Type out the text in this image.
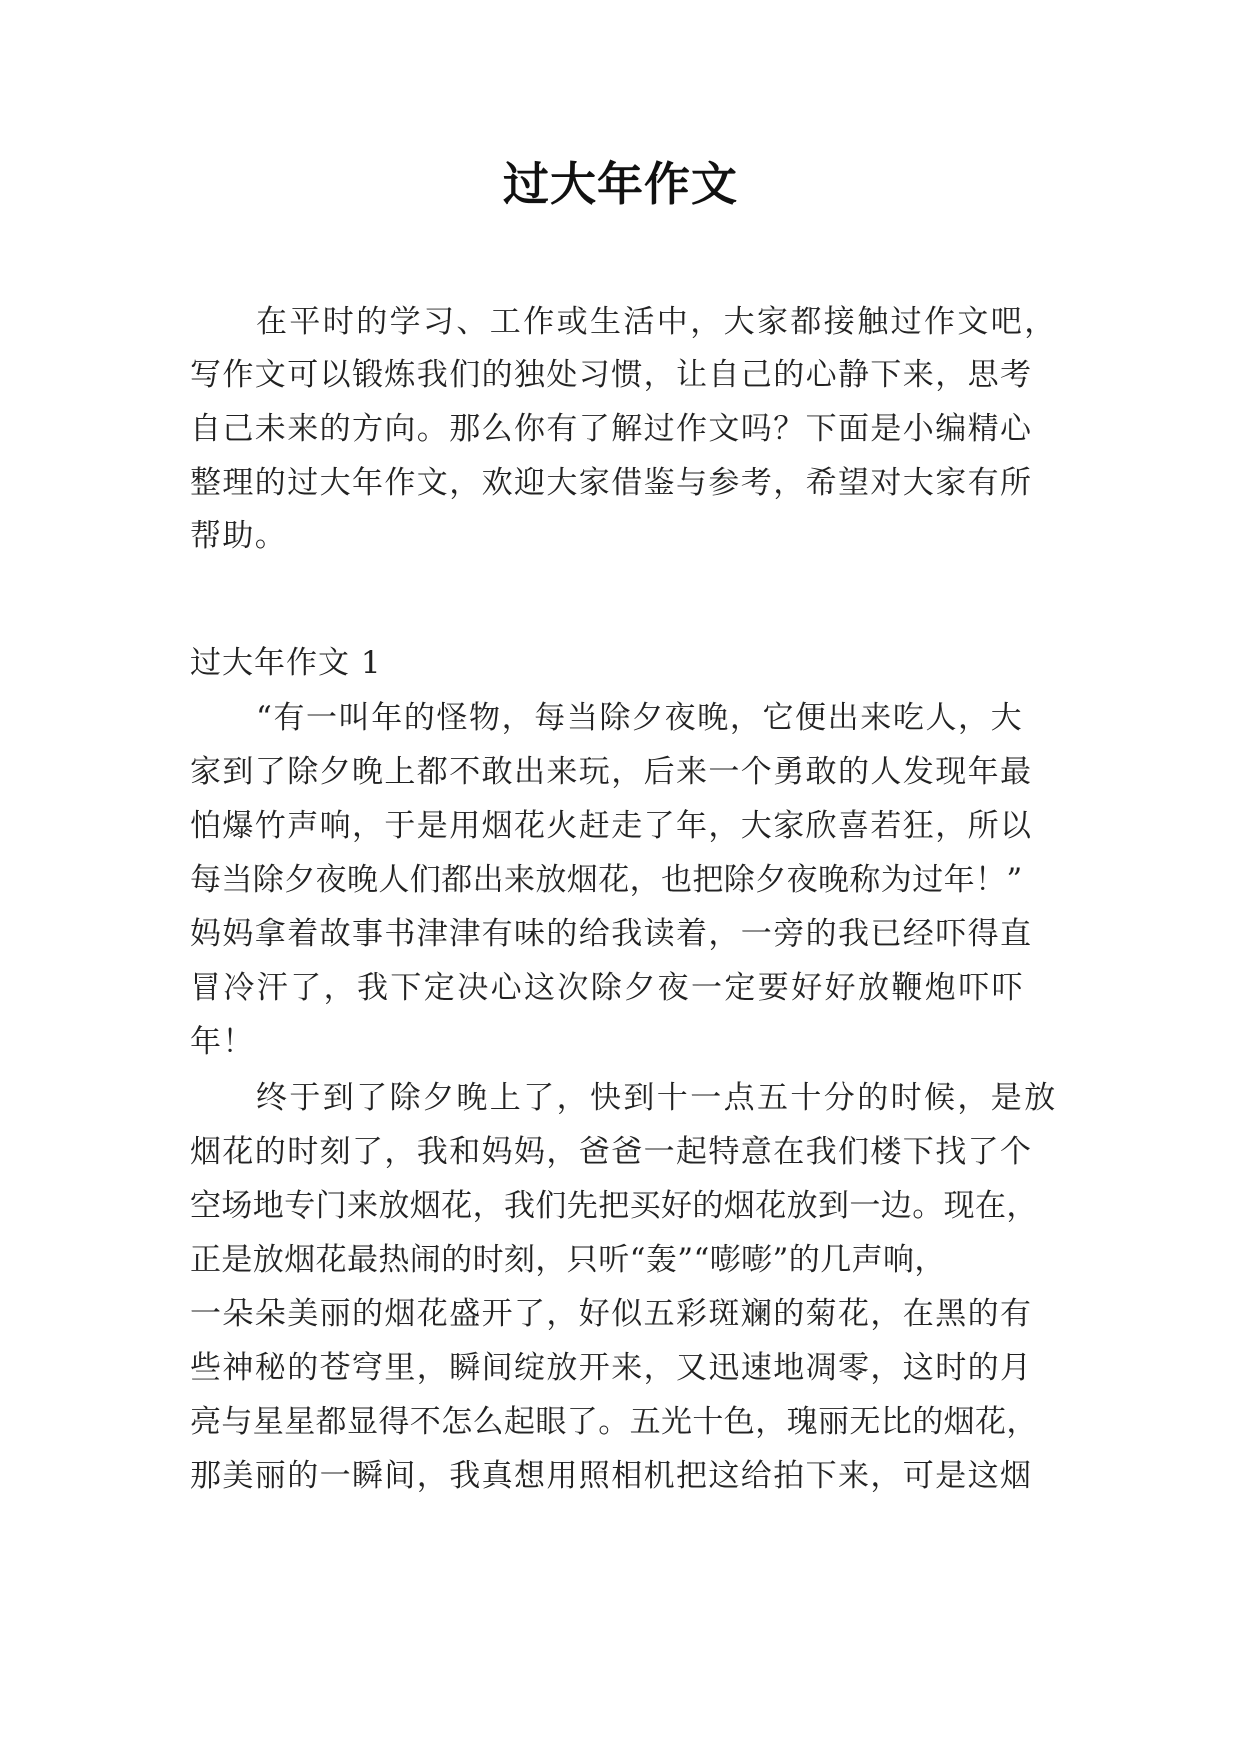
过大年作文
在平时的学习、工作或生活中，大家都接触过作文吧，
写作文可以锻炼我们的独处习惯，让自己的心静下来，思考
自己未来的方向。那么你有了解过作文吗？下面是小编精心
整理的过大年作文，欢迎大家借鉴与参考，希望对大家有所
帮助。
过大年作文 1
“有一叫年的怪物，每当除夕夜晚，它便出来吃人，大
家到了除夕晚上都不敢出来玩，后来一个勇敢的人发现年最
怕爆竹声响，于是用烟花火赶走了年，大家欣喜若狂，所以
每当除夕夜晚人们都出来放烟花，也把除夕夜晚称为过年！”
妈妈拿着故事书津津有味的给我读着，一旁的我已经吓得直
冒冷汗了，我下定决心这次除夕夜一定要好好放鞭炮吓吓
年！
终于到了除夕晚上了，快到十一点五十分的时候，是放
烟花的时刻了，我和妈妈，爸爸一起特意在我们楼下找了个
空场地专门来放烟花，我们先把买好的烟花放到一边。现在，
正是放烟花最热闹的时刻，只听“轰”“嘭嘭”的几声响，
一朵朵美丽的烟花盛开了，好似五彩斑斓的菊花，在黑的有
些神秘的苍穹里，瞬间绽放开来，又迅速地凋零，这时的月
亮与星星都显得不怎么起眼了。五光十色，瑰丽无比的烟花，
那美丽的一瞬间，我真想用照相机把这给拍下来，可是这烟
